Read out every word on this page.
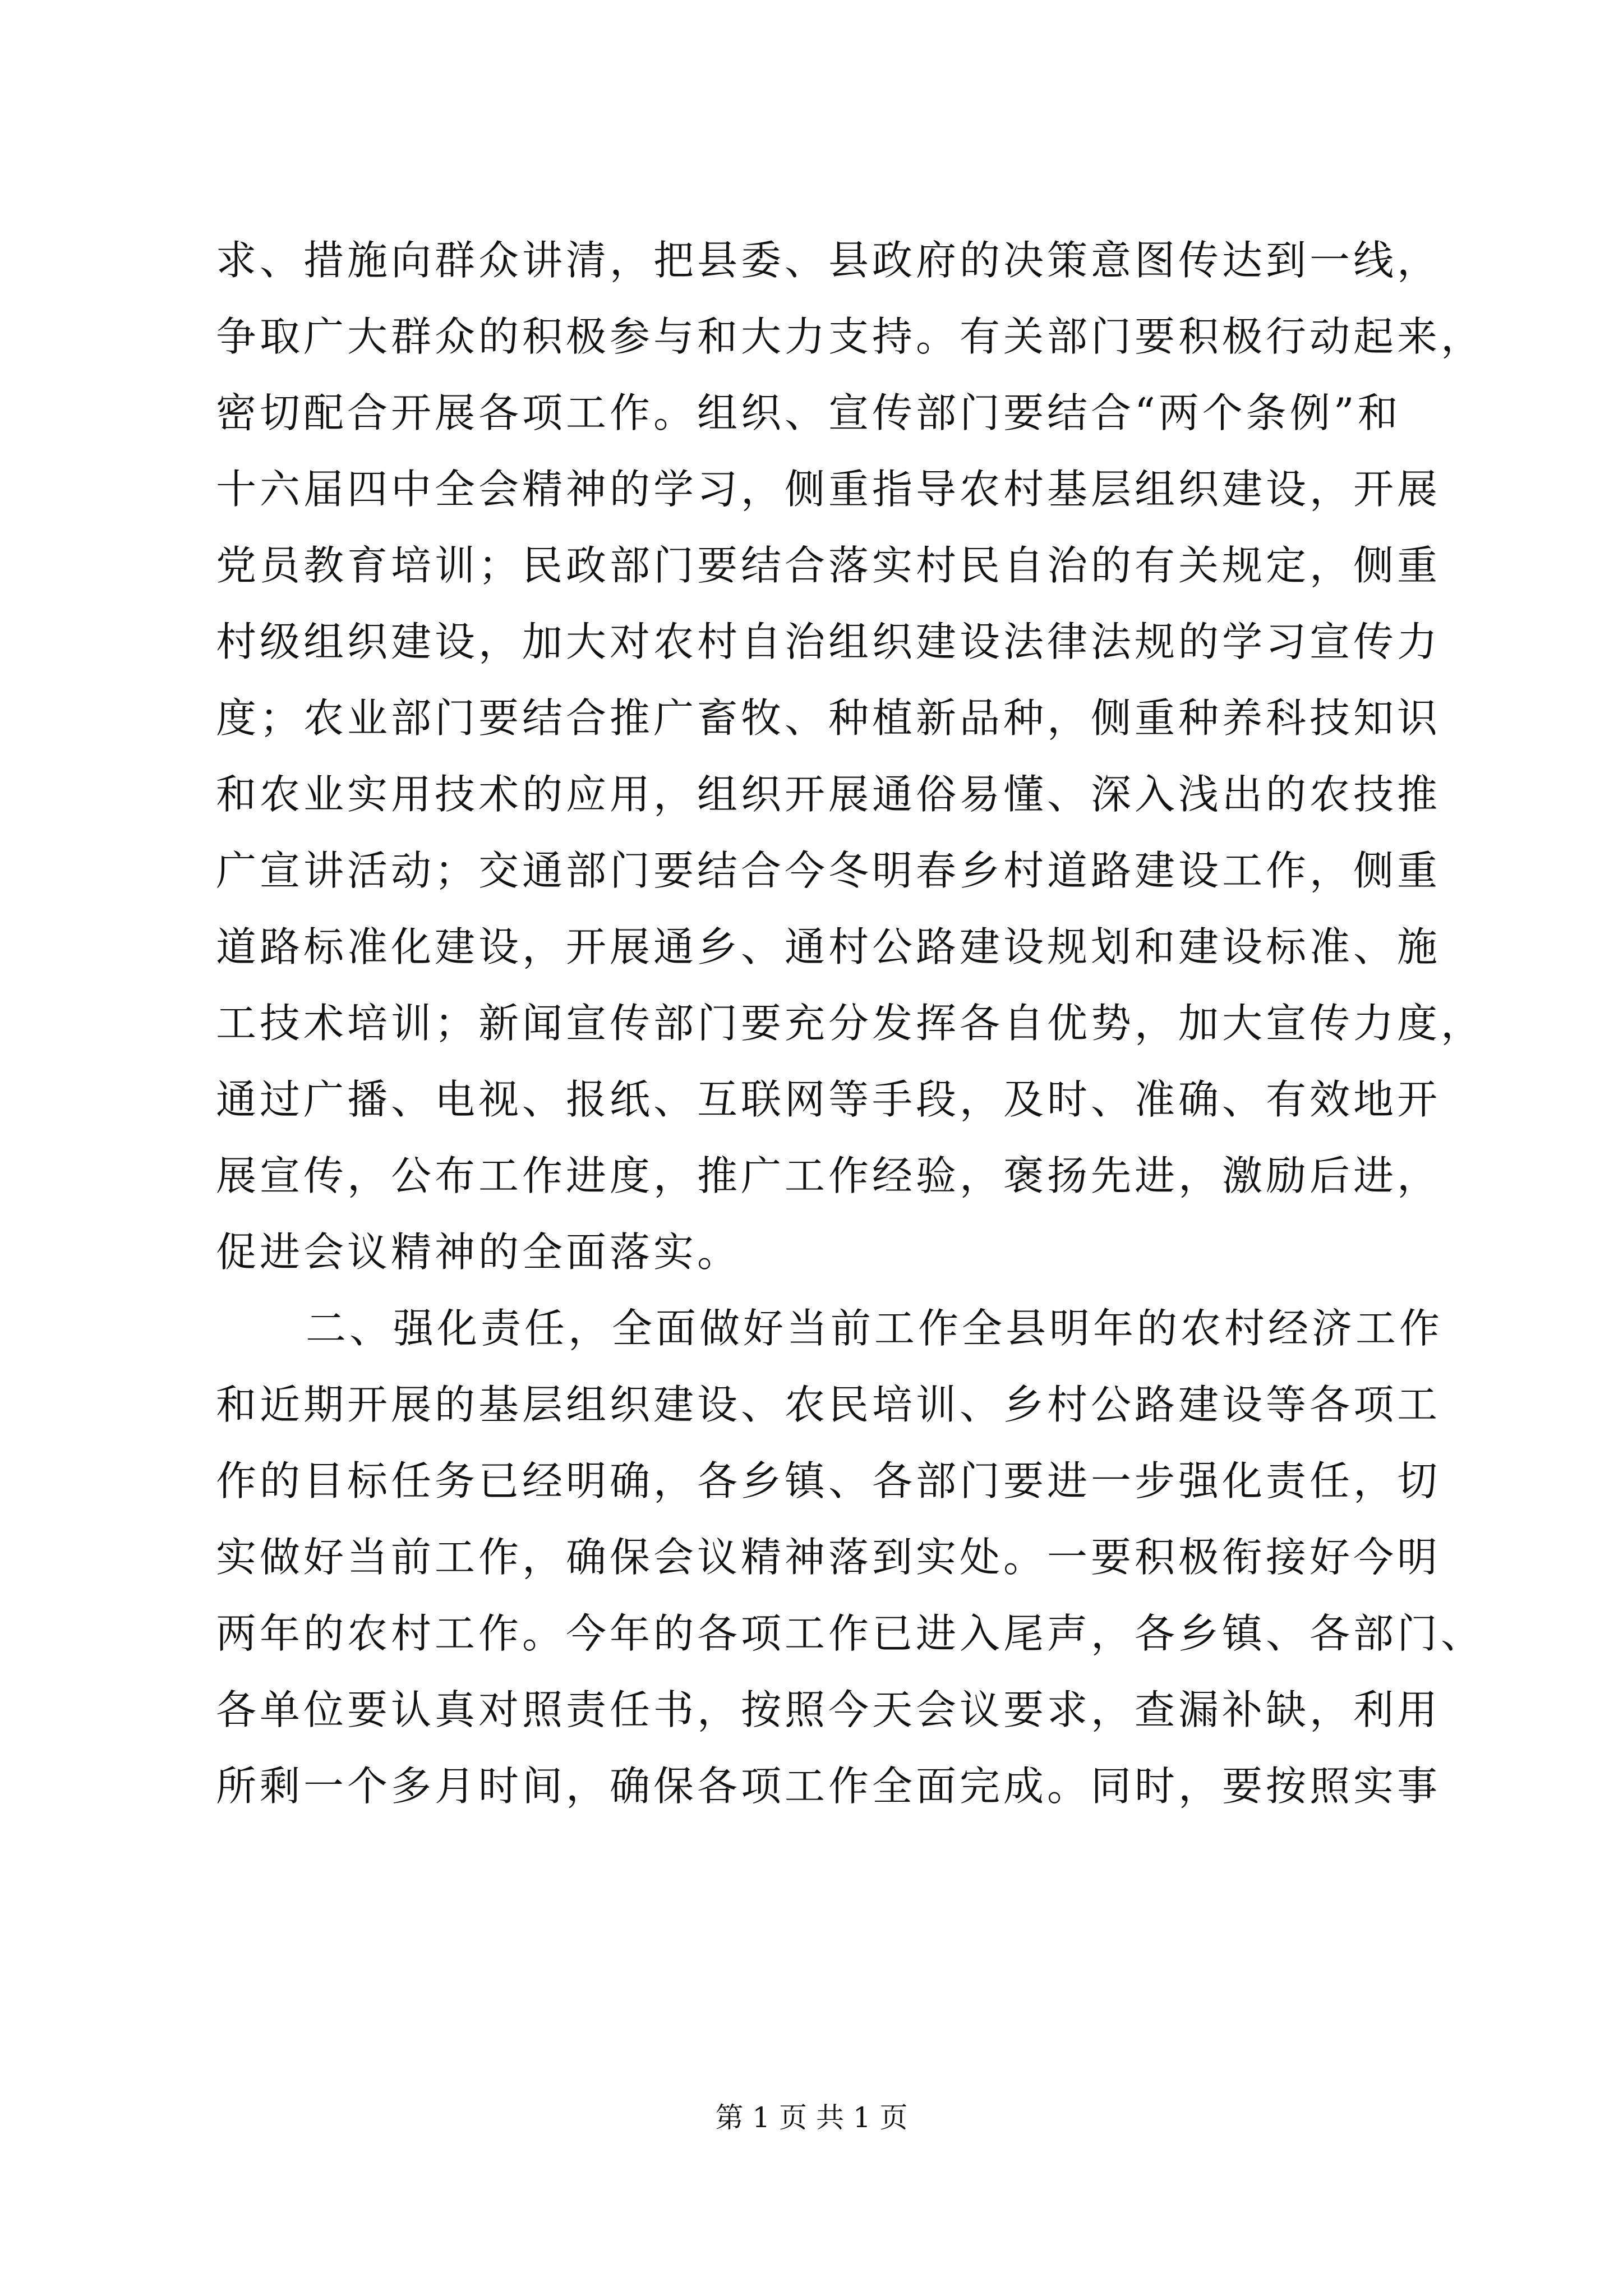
求、措施向群众讲清，把县委、县政府的决策意图传达到一线，
争取广大群众的积极参与和大力支持。有关部门要积极行动起来，
密切配合开展各项工作。组织、宣传部门要结合“两个条例”和
十六届四中全会精神的学习，侧重指导农村基层组织建设，开展
党员教育培训；民政部门要结合落实村民自治的有关规定，侧重
村级组织建设，加大对农村自治组织建设法律法规的学习宣传力
度；农业部门要结合推广畜牧、种植新品种，侧重种养科技知识
和农业实用技术的应用，组织开展通俗易懂、深入浅出的农技推
广宣讲活动；交通部门要结合今冬明春乡村道路建设工作，侧重
道路标准化建设，开展通乡、通村公路建设规划和建设标准、施
工技术培训；新闻宣传部门要充分发挥各自优势，加大宣传力度，
通过广播、电视、报纸、互联网等手段，及时、准确、有效地开
展宣传，公布工作进度，推广工作经验，褒扬先进，激励后进，
促进会议精神的全面落实。
二、强化责任，全面做好当前工作全县明年的农村经济工作
和近期开展的基层组织建设、农民培训、乡村公路建设等各项工
作的目标任务已经明确，各乡镇、各部门要进一步强化责任，切
实做好当前工作，确保会议精神落到实处。一要积极衔接好今明
两年的农村工作。今年的各项工作已进入尾声，各乡镇、各部门、
各单位要认真对照责任书，按照今天会议要求，查漏补缺，利用
所剩一个多月时间，确保各项工作全面完成。同时，要按照实事
第 1 页 共 1 页
